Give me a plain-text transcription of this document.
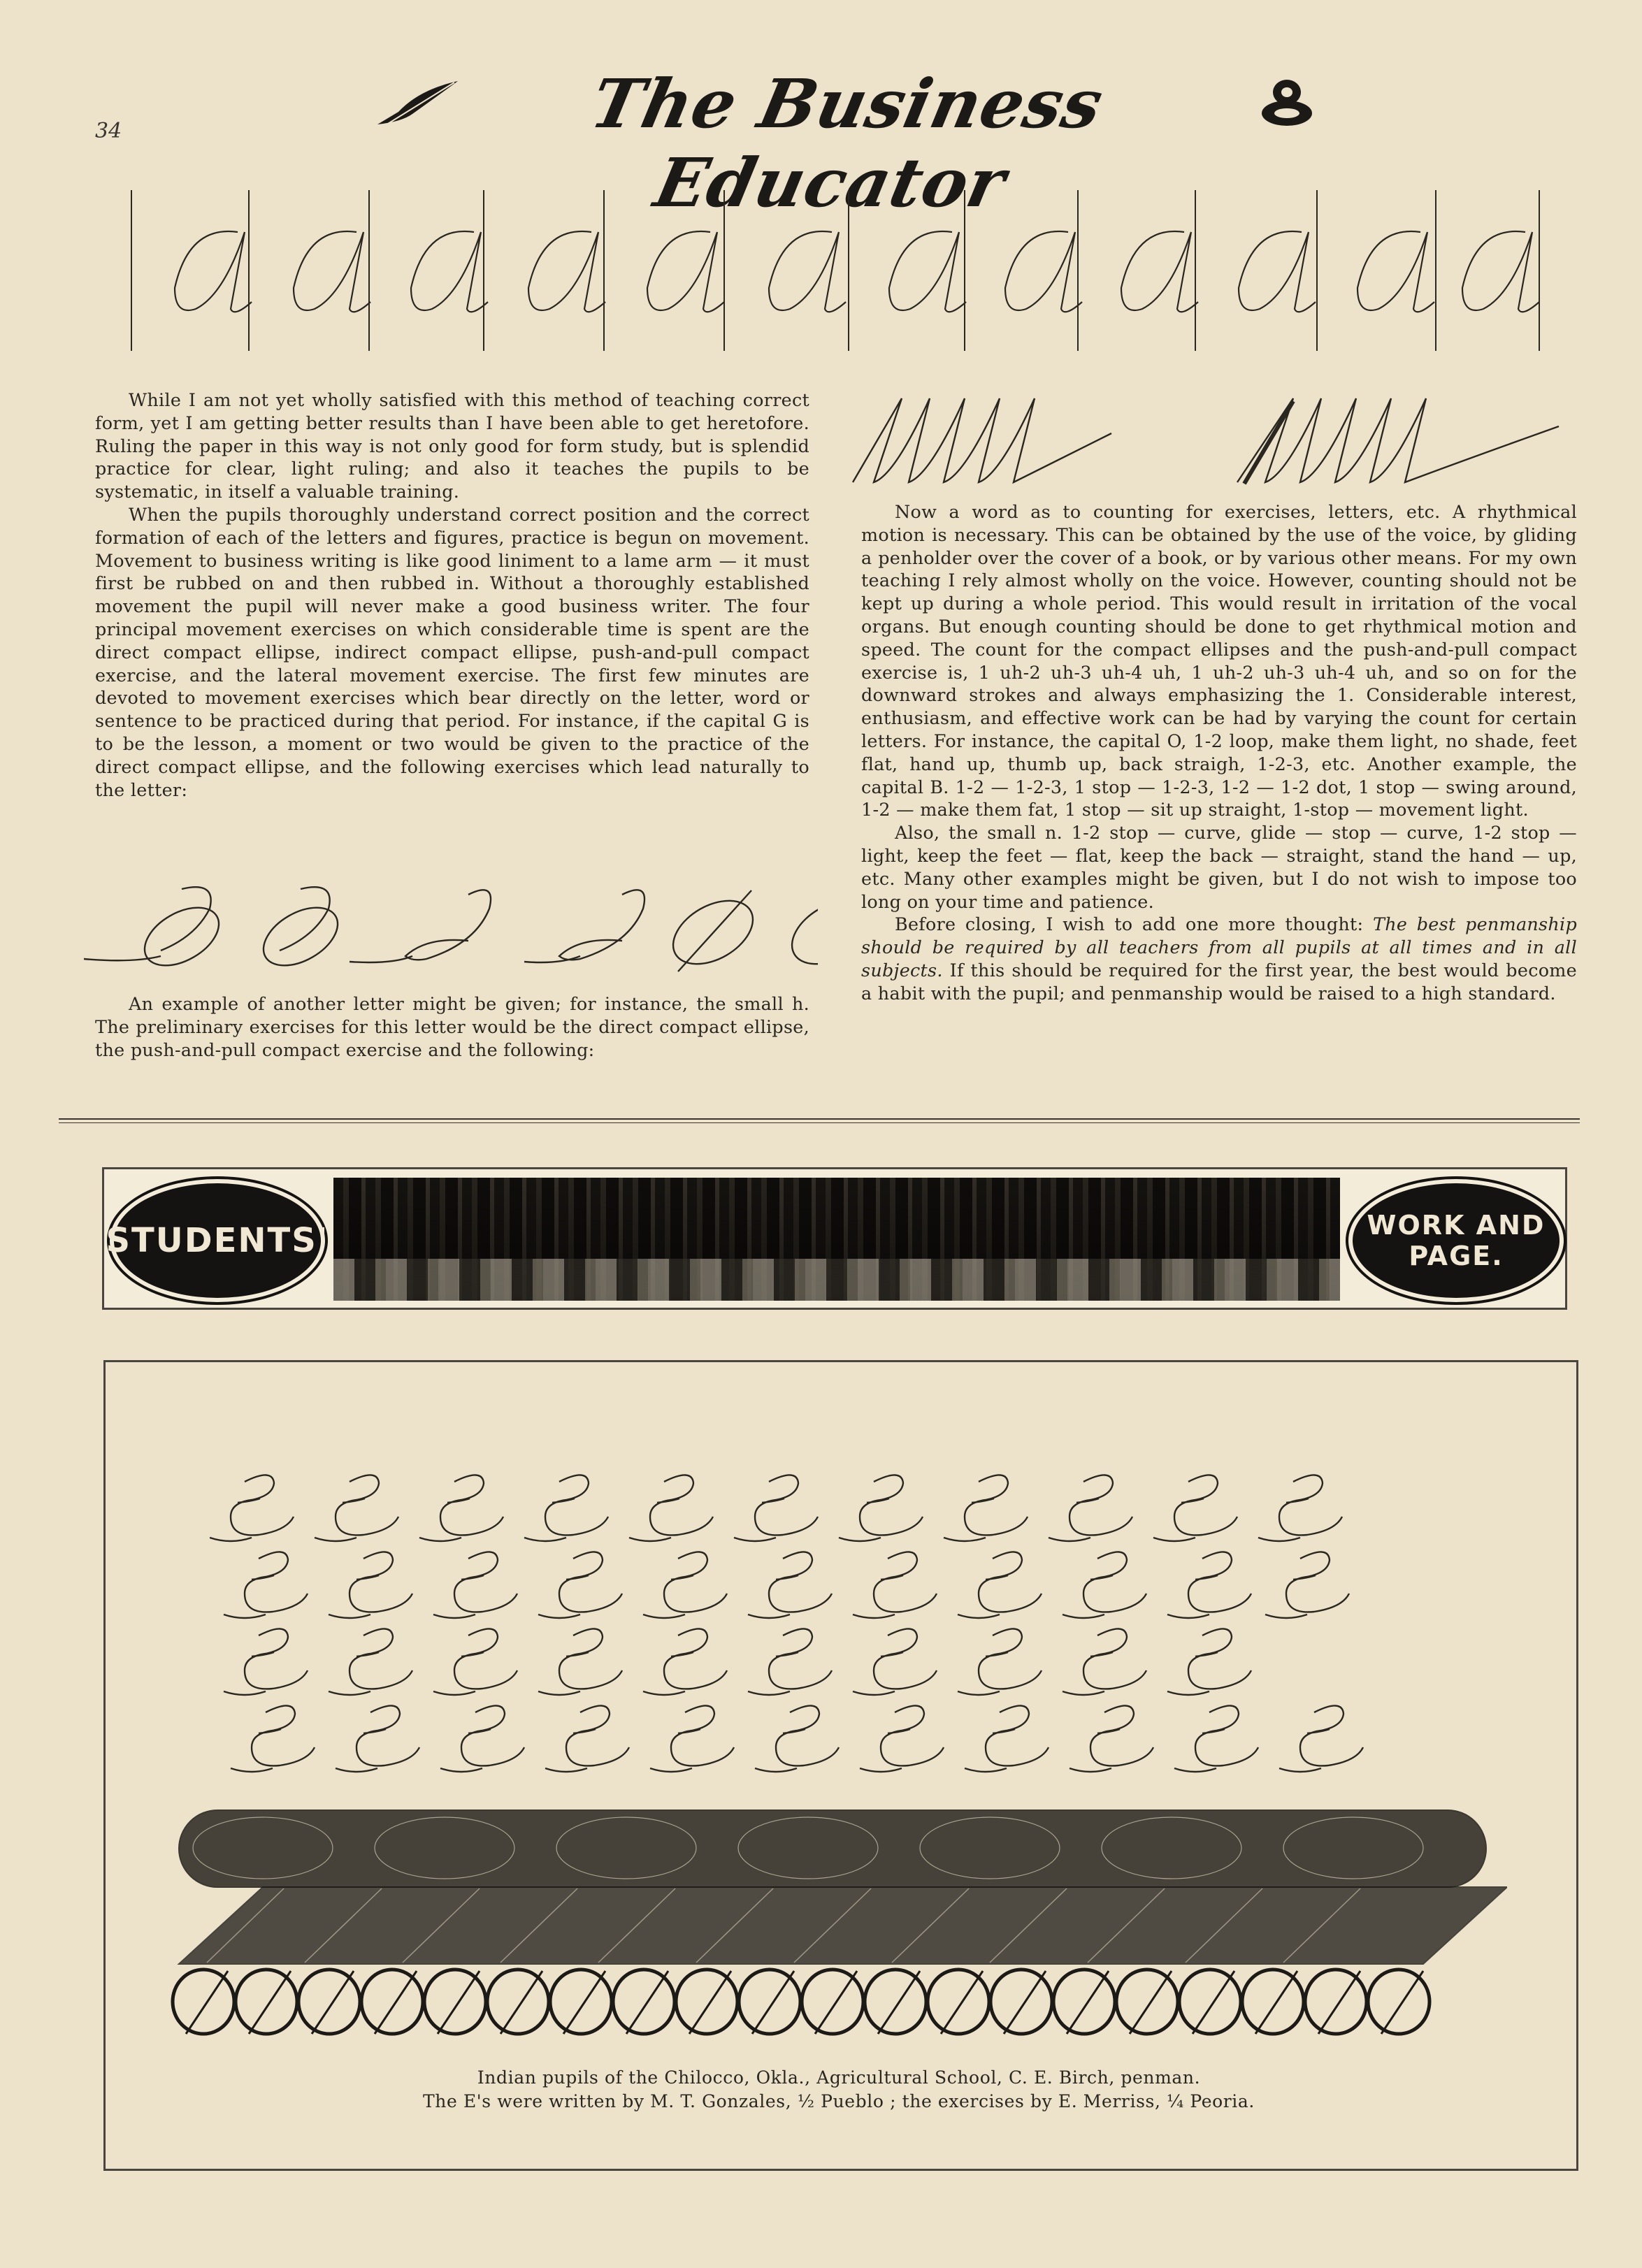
34	The Business Educator

While I am not yet wholly satisfied with this method of teaching correct form, yet I am getting better results than I have been able to get heretofore. Ruling the paper in this way is not only good for form study, but is splendid practice for clear, light ruling; and also it teaches the pupils to be systematic, in itself a valuable training.

When the pupils thoroughly understand correct position and the correct formation of each of the letters and figures, practice is begun on movement. Movement to business writing is like good liniment to a lame arm — it must first be rubbed on and then rubbed in. Without a thoroughly established movement the pupil will never make a good business writer. The four principal movement exercises on which considerable time is spent are the direct compact ellipse, indirect compact ellipse, push-and-pull compact exercise, and the lateral movement exercise. The first few minutes are devoted to movement exercises which bear directly on the letter, word or sentence to be practiced during that period. For instance, if the capital G is to be the lesson, a moment or two would be given to the practice of the direct compact ellipse, and the following exercises which lead naturally to the letter:

An example of another letter might be given; for instance, the small h. The preliminary exercises for this letter would be the direct compact ellipse, the push-and-pull compact exercise and the following:

Now a word as to counting for exercises, letters, etc. A rhythmical motion is necessary. This can be obtained by the use of the voice, by gliding a penholder over the cover of a book, or by various other means. For my own teaching I rely almost wholly on the voice. However, counting should not be kept up during a whole period. This would result in irritation of the vocal organs. But enough counting should be done to get rhythmical motion and speed. The count for the compact ellipses and the push-and-pull compact exercise is, 1 uh-2 uh-3 uh-4 uh, 1 uh-2 uh-3 uh-4 uh, and so on for the downward strokes and always emphasizing the 1. Considerable interest, enthusiasm, and effective work can be had by varying the count for certain letters. For instance, the capital O, 1-2 loop, make them light, no shade, feet flat, hand up, thumb up, back straigh, 1-2-3, etc. Another example, the capital B. 1-2 — 1-2-3, 1 stop — 1-2-3, 1-2 — 1-2 dot, 1 stop — swing around, 1-2 — make them fat, 1 stop — sit up straight, 1-stop — movement light.

Also, the small n. 1-2 stop — curve, glide — stop — curve, 1-2 stop — light, keep the feet — flat, keep the back — straight, stand the hand — up, etc. Many other examples might be given, but I do not wish to impose too long on your time and patience.

Before closing, I wish to add one more thought: The best penmanship should be required by all teachers from all pupils at all times and in all subjects. If this should be required for the first year, the best would become a habit with the pupil; and penmanship would be raised to a high standard.

STUDENTS'	WORK AND PAGE.
Indian pupils of the Chilocco, Okla., Agricultural School, C. E. Birch, penman.
The E's were written by M. T. Gonzales, ½ Pueblo ; the exercises by E. Merriss, ¼ Peoria.
